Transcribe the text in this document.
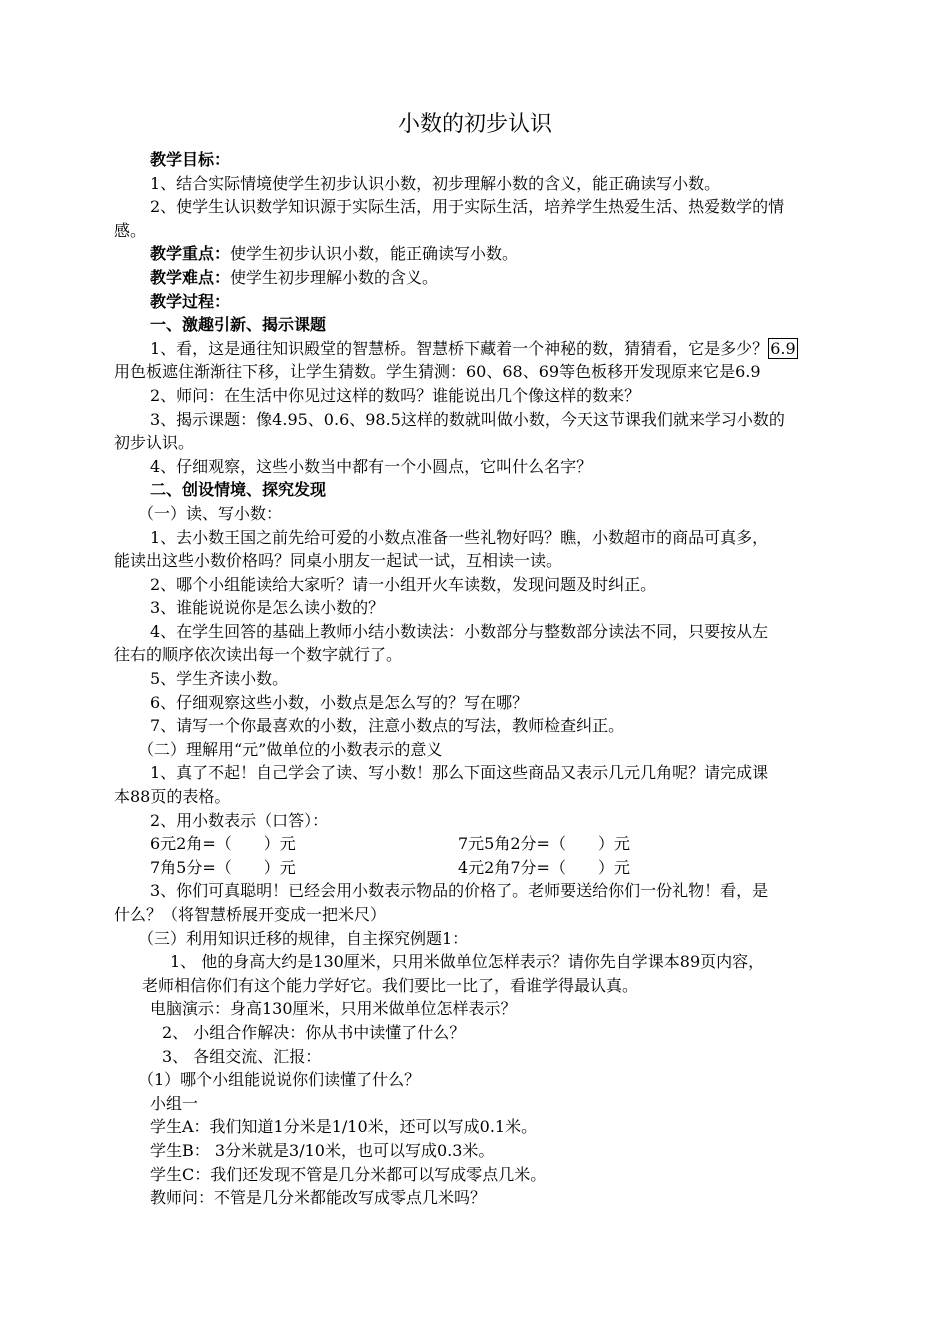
小数的初步认识
教学目标：
1、结合实际情境使学生初步认识小数，初步理解小数的含义，能正确读写小数。
2、使学生认识数学知识源于实际生活，用于实际生活，培养学生热爱生活、热爱数学的情
感。
教学重点：使学生初步认识小数，能正确读写小数。
教学难点：使学生初步理解小数的含义。
教学过程：
一、激趣引新、揭示课题
1、看，这是通往知识殿堂的智慧桥。智慧桥下藏着一个神秘的数，猜猜看，它是多少？ 6.9
用色板遮住渐渐往下移，让学生猜数。学生猜测：60、68、69等色板移开发现原来它是6.9
2、师问：在生活中你见过这样的数吗？谁能说出几个像这样的数来？
3、揭示课题：像4.95、0.6、98.5这样的数就叫做小数，今天这节课我们就来学习小数的
初步认识。
4、仔细观察，这些小数当中都有一个小圆点，它叫什么名字？
二、创设情境、探究发现
（一）读、写小数：
1、去小数王国之前先给可爱的小数点准备一些礼物好吗？瞧，小数超市的商品可真多，
能读出这些小数价格吗？同桌小朋友一起试一试，互相读一读。
2、哪个小组能读给大家听？请一小组开火车读数，发现问题及时纠正。
3、谁能说说你是怎么读小数的？
4、在学生回答的基础上教师小结小数读法：小数部分与整数部分读法不同，只要按从左
往右的顺序依次读出每一个数字就行了。
5、学生齐读小数。
6、仔细观察这些小数，小数点是怎么写的？写在哪？
7、请写一个你最喜欢的小数，注意小数点的写法，教师检查纠正。
（二）理解用“元”做单位的小数表示的意义
1、真了不起！自己学会了读、写小数！那么下面这些商品又表示几元几角呢？请完成课
本88页的表格。
2、用小数表示（口答）：
6元2角=（　　）元	7元5角2分=（　　）元
7角5分=（　　）元	4元2角7分=（　　）元
3、你们可真聪明！已经会用小数表示物品的价格了。老师要送给你们一份礼物！看，是
什么？（将智慧桥展开变成一把米尺）
（三）利用知识迁移的规律，自主探究例题1：
1、 他的身高大约是130厘米，只用米做单位怎样表示？请你先自学课本89页内容，
老师相信你们有这个能力学好它。我们要比一比了，看谁学得最认真。
电脑演示：身高130厘米，只用米做单位怎样表示？
2、 小组合作解决：你从书中读懂了什么？
3、 各组交流、汇报：
（1）哪个小组能说说你们读懂了什么？
小组一
学生A：我们知道1分米是1/10米，还可以写成0.1米。
学生B： 3分米就是3/10米，也可以写成0.3米。
学生C：我们还发现不管是几分米都可以写成零点几米。
教师问：不管是几分米都能改写成零点几米吗？
